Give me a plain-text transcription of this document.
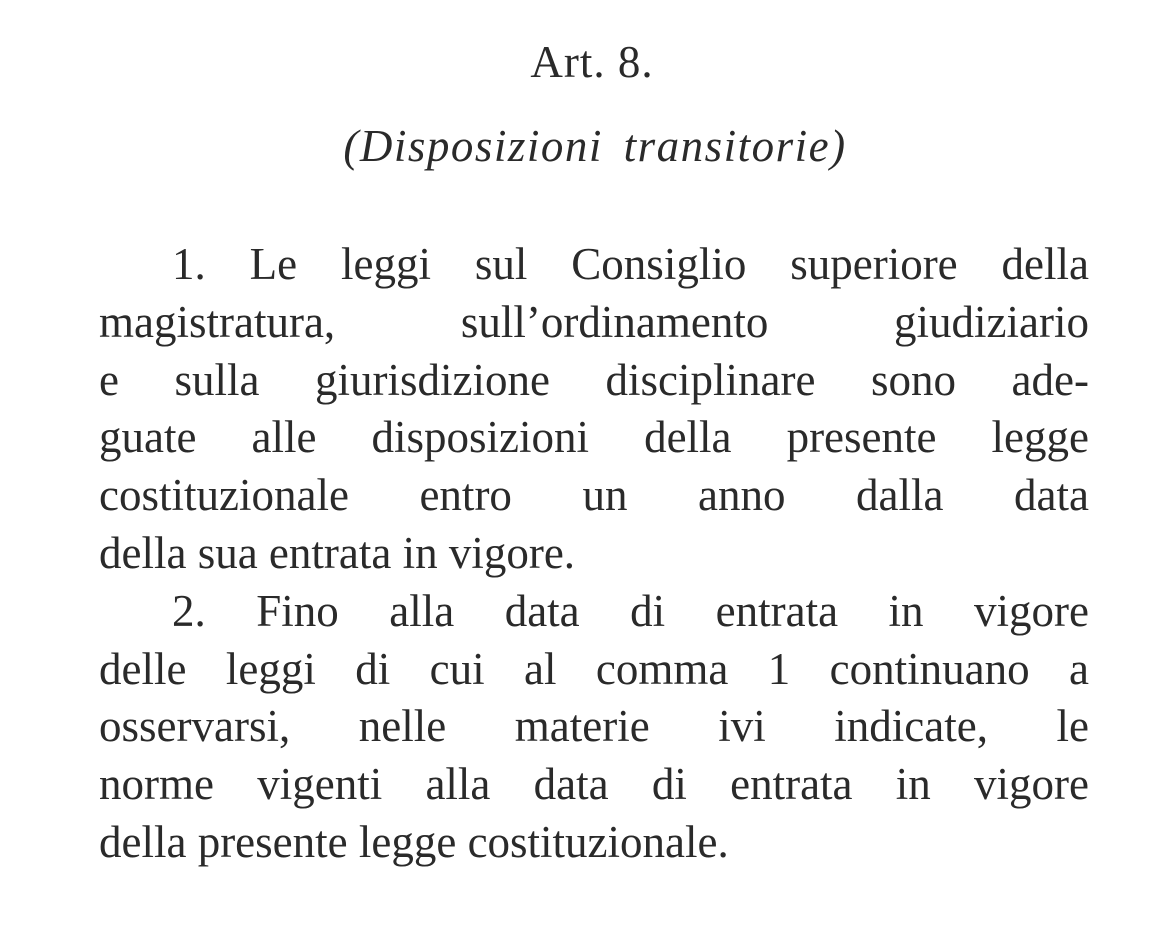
Art. 8.

(Disposizioni transitorie)

1. Le leggi sul Consiglio superiore della
magistratura, sull’ordinamento giudiziario
e sulla giurisdizione disciplinare sono ade-
guate alle disposizioni della presente legge
costituzionale entro un anno dalla data
della sua entrata in vigore.

2. Fino alla data di entrata in vigore
delle leggi di cui al comma 1 continuano a
osservarsi, nelle materie ivi indicate, le
norme vigenti alla data di entrata in vigore
della presente legge costituzionale.
